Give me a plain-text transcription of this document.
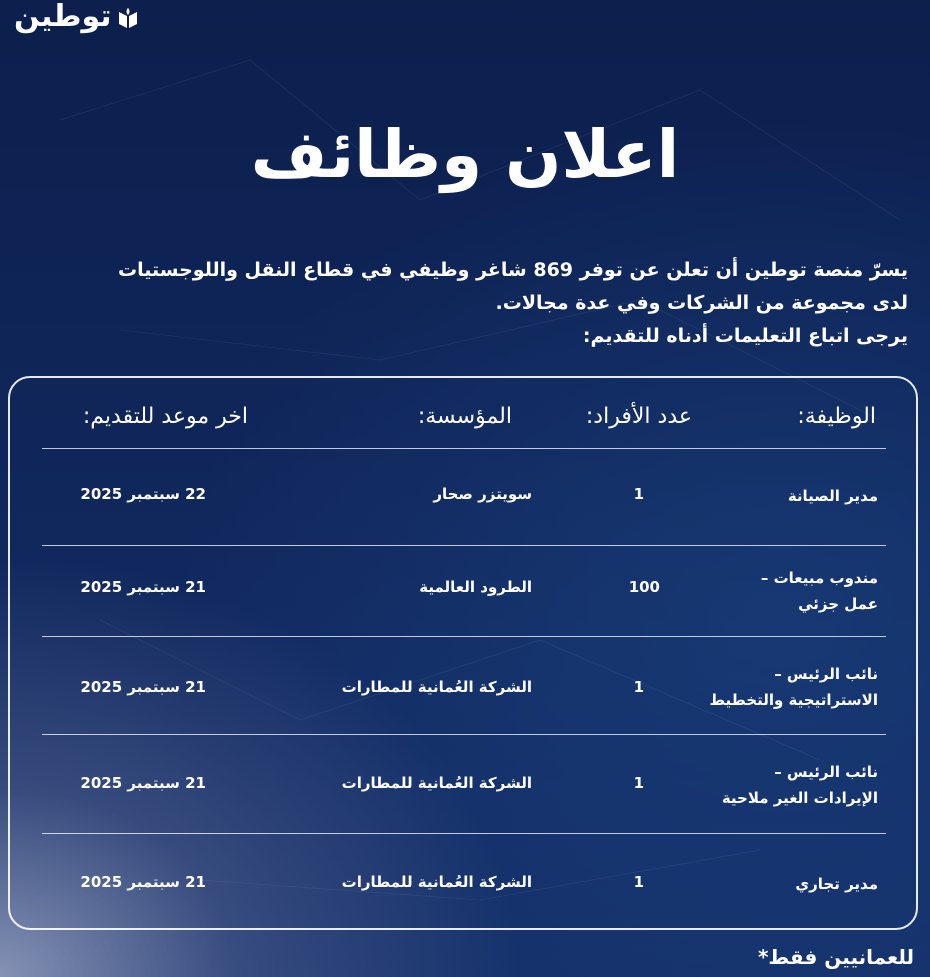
توطين
اعلان وظائف

يسرّ منصة توطين أن تعلن عن توفر 869 شاغر وظيفي في قطاع النقل واللوجستيات

لدى مجموعة من الشركات وفي عدة مجالات.

يرجى اتباع التعليمات أدناه للتقديم:

الوظيفة:
عدد الأفراد:
المؤسسة:
اخر موعد للتقديم:
مدير الصيانة
1
سويتزر صحار
22 سبتمبر 2025
مندوب مبيعات –
عمل جزئي
100
الطرود العالمية
21 سبتمبر 2025
نائب الرئيس –
الاستراتيجية والتخطيط
1
الشركة العُمانية للمطارات
21 سبتمبر 2025
نائب الرئيس –
الإيرادات الغير ملاحية
1
الشركة العُمانية للمطارات
21 سبتمبر 2025
مدير تجاري
1
الشركة العُمانية للمطارات
21 سبتمبر 2025
للعمانيين فقط*
